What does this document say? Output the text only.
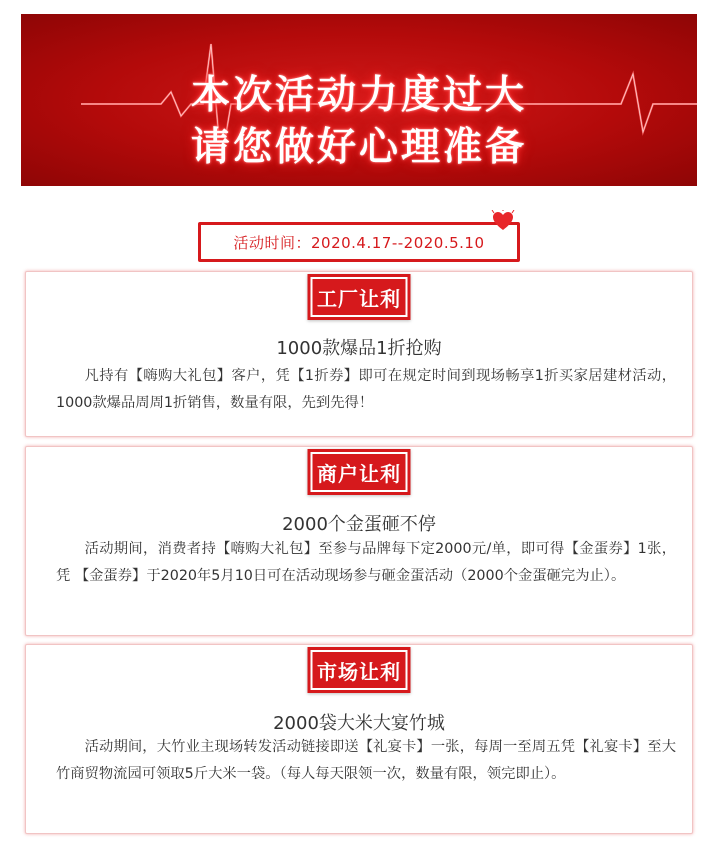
本次活动力度过大
请您做好心理准备
活动时间：2020.4.17--2020.5.10
工厂让利
1000款爆品1折抢购
凡持有【嗨购大礼包】客户，凭【1折券】即可在规定时间到现场畅享1折买家居建材活动，1000款爆品周周1折销售，数量有限，先到先得！
商户让利
2000个金蛋砸不停
活动期间，消费者持【嗨购大礼包】至参与品牌每下定2000元/单，即可得【金蛋券】1张，凭 【金蛋券】于2020年5月10日可在活动现场参与砸金蛋活动（2000个金蛋砸完为止）。
市场让利
2000袋大米大宴竹城
活动期间，大竹业主现场转发活动链接即送【礼宴卡】一张，每周一至周五凭【礼宴卡】至大竹商贸物流园可领取5斤大米一袋。（每人每天限领一次，数量有限，领完即止）。
